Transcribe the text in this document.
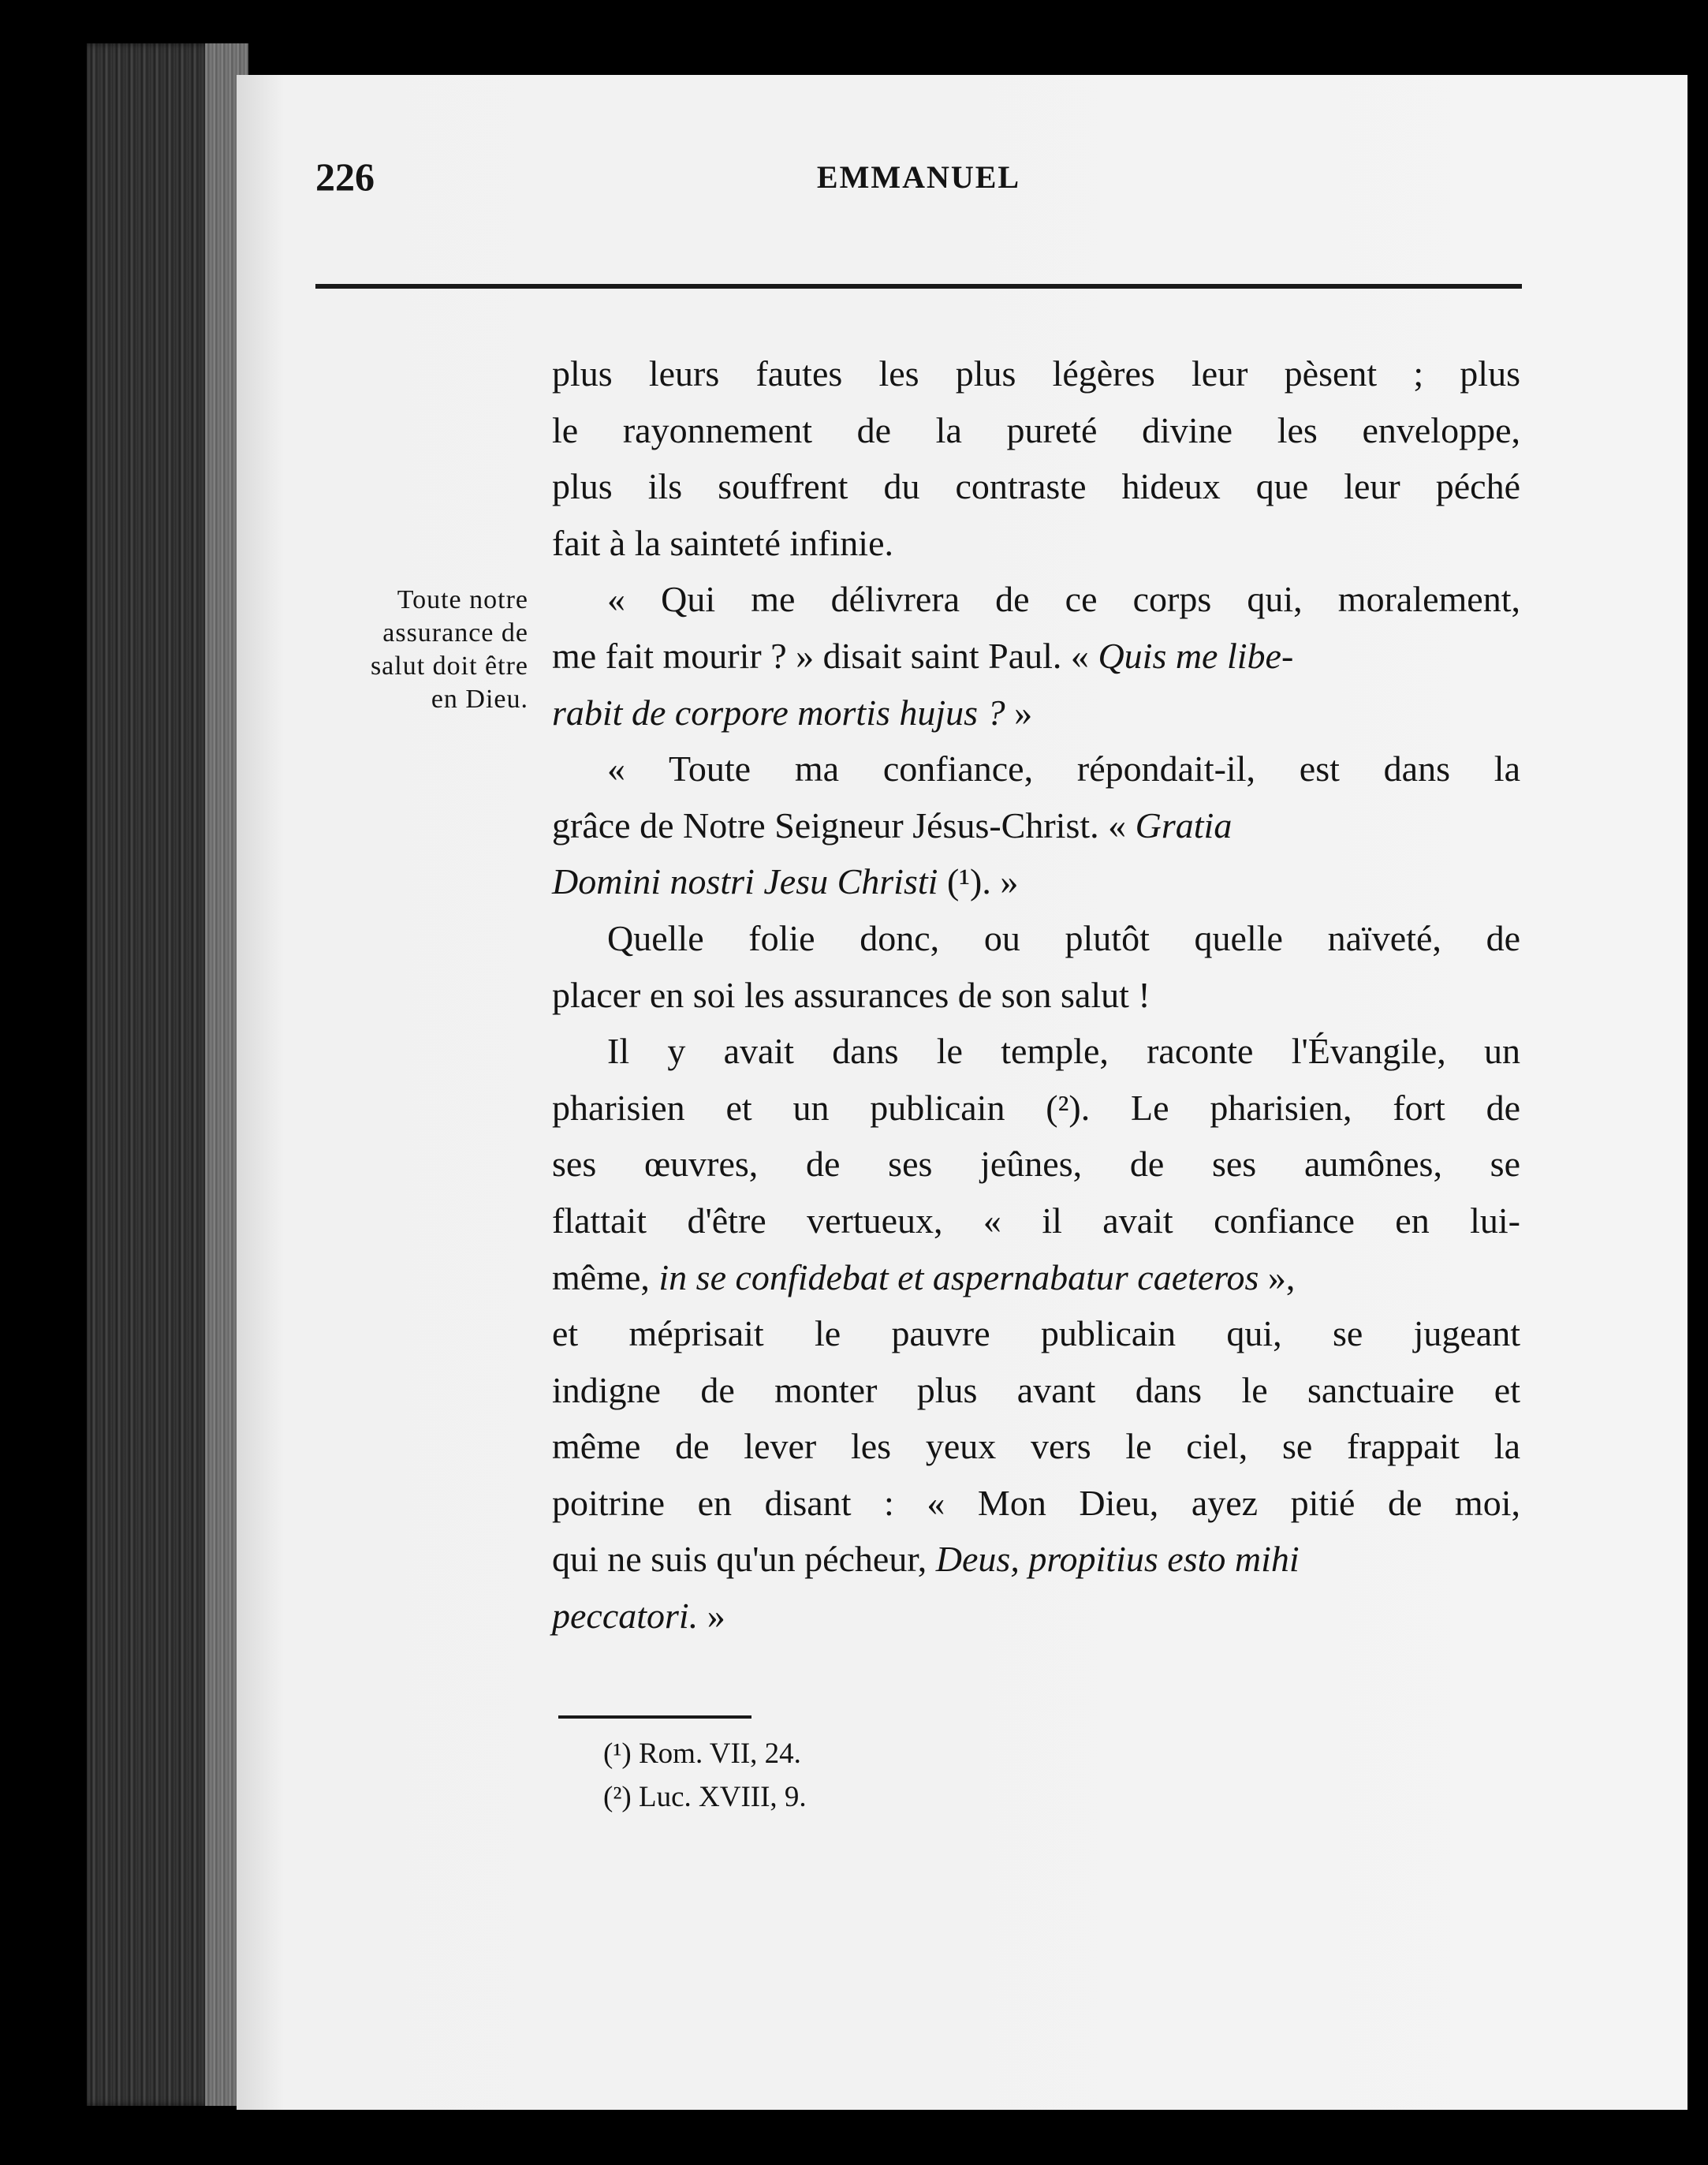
226	EMMANUEL
Toute notre
assurance de
salut doit être
en Dieu.
plus leurs fautes les plus légères leur pèsent ; plus
le rayonnement de la pureté divine les enveloppe,
plus ils souffrent du contraste hideux que leur péché
fait à la sainteté infinie.
« Qui me délivrera de ce corps qui, moralement,
me fait mourir ? » disait saint Paul. « Quis me libe-
rabit de corpore mortis hujus ? »
« Toute ma confiance, répondait-il, est dans la
grâce de Notre Seigneur Jésus-Christ. « Gratia
Domini nostri Jesu Christi (¹). »
Quelle folie donc, ou plutôt quelle naïveté, de
placer en soi les assurances de son salut !
Il y avait dans le temple, raconte l'Évangile, un
pharisien et un publicain (²). Le pharisien, fort de
ses œuvres, de ses jeûnes, de ses aumônes, se
flattait d'être vertueux, « il avait confiance en lui-
même, in se confidebat et aspernabatur caeteros »,
et méprisait le pauvre publicain qui, se jugeant
indigne de monter plus avant dans le sanctuaire et
même de lever les yeux vers le ciel, se frappait la
poitrine en disant : « Mon Dieu, ayez pitié de moi,
qui ne suis qu'un pécheur, Deus, propitius esto mihi
peccatori. »
(¹) Rom. VII, 24.
(²) Luc. XVIII, 9.
